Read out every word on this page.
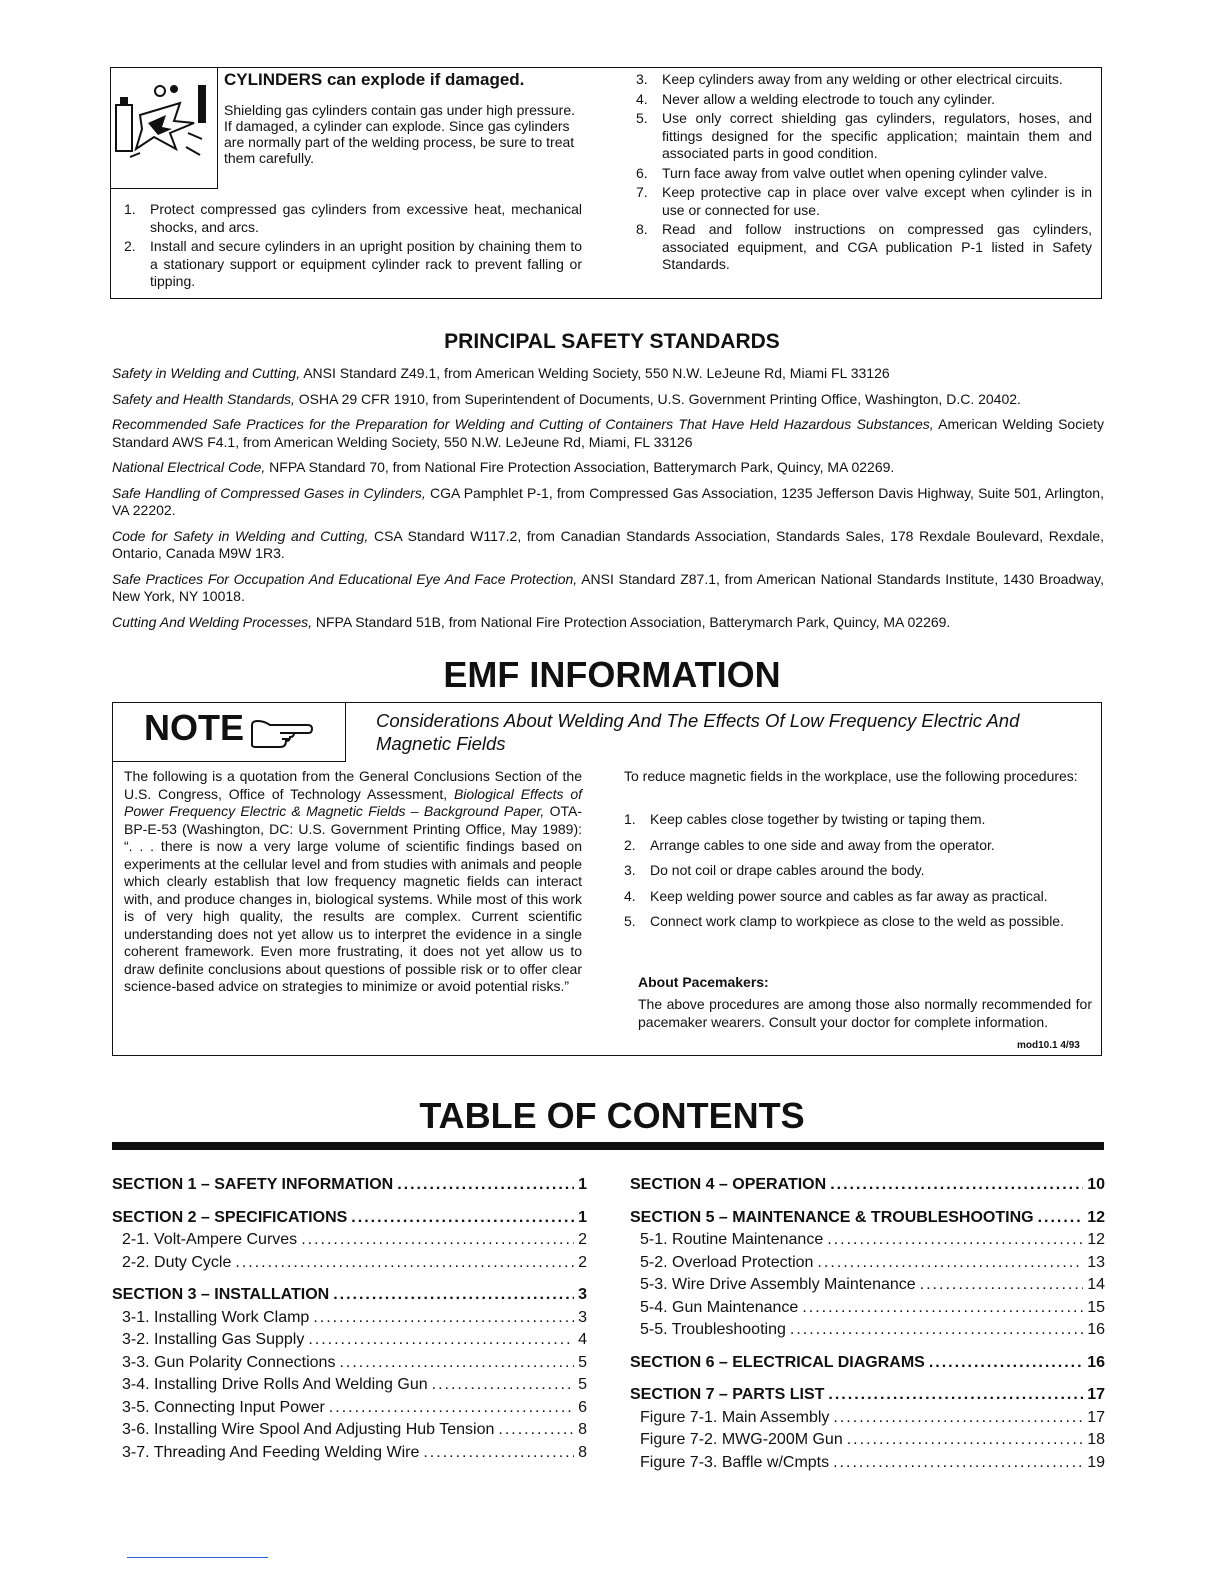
CYLINDERS can explode if damaged.
Shielding gas cylinders contain gas under high pressure. If damaged, a cylinder can explode. Since gas cylinders are normally part of the welding process, be sure to treat them carefully.
1.	Protect compressed gas cylinders from excessive heat, mechanical shocks, and arcs.
2.	Install and secure cylinders in an upright position by chaining them to a stationary support or equipment cylinder rack to prevent falling or tipping.
3.	Keep cylinders away from any welding or other electrical circuits.
4.	Never allow a welding electrode to touch any cylinder.
5.	Use only correct shielding gas cylinders, regulators, hoses, and fittings designed for the specific application; maintain them and associated parts in good condition.
6.	Turn face away from valve outlet when opening cylinder valve.
7.	Keep protective cap in place over valve except when cylinder is in use or connected for use.
8.	Read and follow instructions on compressed gas cylinders, associated equipment, and CGA publication P-1 listed in Safety Standards.
PRINCIPAL SAFETY STANDARDS
Safety in Welding and Cutting, ANSI Standard Z49.1, from American Welding Society, 550 N.W. LeJeune Rd, Miami FL 33126
Safety and Health Standards, OSHA 29 CFR 1910, from Superintendent of Documents, U.S. Government Printing Office, Washington, D.C. 20402.
Recommended Safe Practices for the Preparation for Welding and Cutting of Containers That Have Held Hazardous Substances, American Welding Society Standard AWS F4.1, from American Welding Society, 550 N.W. LeJeune Rd, Miami, FL 33126
National Electrical Code, NFPA Standard 70, from National Fire Protection Association, Batterymarch Park, Quincy, MA 02269.
Safe Handling of Compressed Gases in Cylinders, CGA Pamphlet P-1, from Compressed Gas Association, 1235 Jefferson Davis Highway, Suite 501, Arlington, VA 22202.
Code for Safety in Welding and Cutting, CSA Standard W117.2, from Canadian Standards Association, Standards Sales, 178 Rexdale Boulevard, Rexdale, Ontario, Canada M9W 1R3.
Safe Practices For Occupation And Educational Eye And Face Protection, ANSI Standard Z87.1, from American National Standards Institute, 1430 Broadway, New York, NY 10018.
Cutting And Welding Processes, NFPA Standard 51B, from National Fire Protection Association, Batterymarch Park, Quincy, MA 02269.
EMF INFORMATION
NOTE	Considerations About Welding And The Effects Of Low Frequency Electric And Magnetic Fields
The following is a quotation from the General Conclusions Section of the U.S. Congress, Office of Technology Assessment, Biological Effects of Power Frequency Electric & Magnetic Fields – Background Paper, OTA-BP-E-53 (Washington, DC: U.S. Government Printing Office, May 1989): “. . . there is now a very large volume of scientific findings based on experiments at the cellular level and from studies with animals and people which clearly establish that low frequency magnetic fields can interact with, and produce changes in, biological systems. While most of this work is of very high quality, the results are complex. Current scientific understanding does not yet allow us to interpret the evidence in a single coherent framework. Even more frustrating, it does not yet allow us to draw definite conclusions about questions of possible risk or to offer clear science-based advice on strategies to minimize or avoid potential risks.”
To reduce magnetic fields in the workplace, use the following procedures:
1.	Keep cables close together by twisting or taping them.
2.	Arrange cables to one side and away from the operator.
3.	Do not coil or drape cables around the body.
4.	Keep welding power source and cables as far away as practical.
5.	Connect work clamp to workpiece as close to the weld as possible.
About Pacemakers:
The above procedures are among those also normally recommended for pacemaker wearers. Consult your doctor for complete information.
mod10.1 4/93
TABLE OF CONTENTS
SECTION 1 – SAFETY INFORMATION .....	1
SECTION 2 – SPECIFICATIONS .....	1
2-1. Volt-Ampere Curves .....	2
2-2. Duty Cycle .....	2
SECTION 3 – INSTALLATION .....	3
3-1. Installing Work Clamp .....	3
3-2. Installing Gas Supply .....	4
3-3. Gun Polarity Connections .....	5
3-4. Installing Drive Rolls And Welding Gun .....	5
3-5. Connecting Input Power .....	6
3-6. Installing Wire Spool And Adjusting Hub Tension .....	8
3-7. Threading And Feeding Welding Wire .....	8
SECTION 4 – OPERATION .....	10
SECTION 5 – MAINTENANCE & TROUBLESHOOTING .....	12
5-1. Routine Maintenance .....	12
5-2. Overload Protection .....	13
5-3. Wire Drive Assembly Maintenance .....	14
5-4. Gun Maintenance .....	15
5-5. Troubleshooting .....	16
SECTION 6 – ELECTRICAL DIAGRAMS .....	16
SECTION 7 – PARTS LIST .....	17
Figure 7-1. Main Assembly .....	17
Figure 7-2. MWG-200M Gun .....	18
Figure 7-3. Baffle w/Cmpts .....	19
